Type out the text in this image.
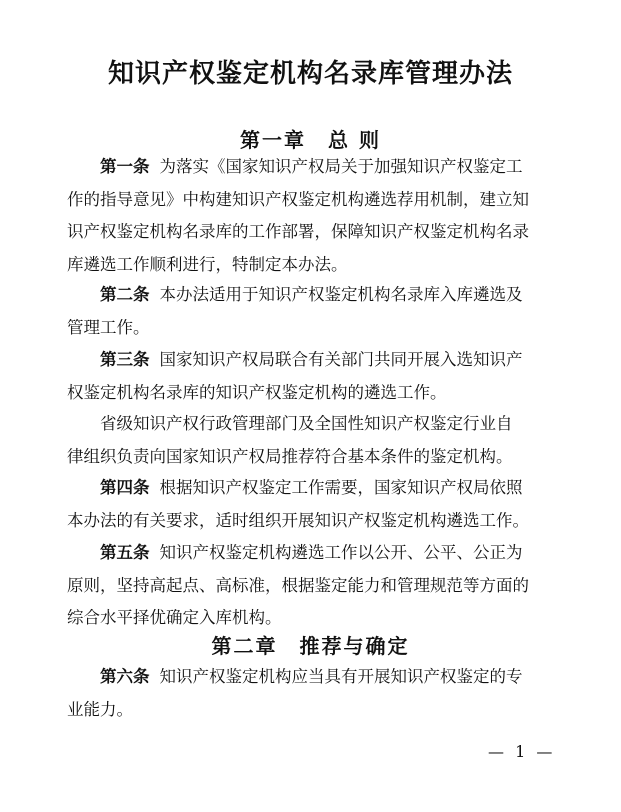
知识产权鉴定机构名录库管理办法
第一章 总 则
第一条 为落实《国家知识产权局关于加强知识产权鉴定工
作的指导意见》中构建知识产权鉴定机构遴选荐用机制，建立知
识产权鉴定机构名录库的工作部署，保障知识产权鉴定机构名录
库遴选工作顺利进行，特制定本办法。
第二条 本办法适用于知识产权鉴定机构名录库入库遴选及
管理工作。
第三条 国家知识产权局联合有关部门共同开展入选知识产
权鉴定机构名录库的知识产权鉴定机构的遴选工作。
省级知识产权行政管理部门及全国性知识产权鉴定行业自
律组织负责向国家知识产权局推荐符合基本条件的鉴定机构。
第四条 根据知识产权鉴定工作需要，国家知识产权局依照
本办法的有关要求，适时组织开展知识产权鉴定机构遴选工作。
第五条 知识产权鉴定机构遴选工作以公开、公平、公正为
原则，坚持高起点、高标准，根据鉴定能力和管理规范等方面的
综合水平择优确定入库机构。
第二章 推荐与确定
第六条 知识产权鉴定机构应当具有开展知识产权鉴定的专
业能力。
— 1 —
